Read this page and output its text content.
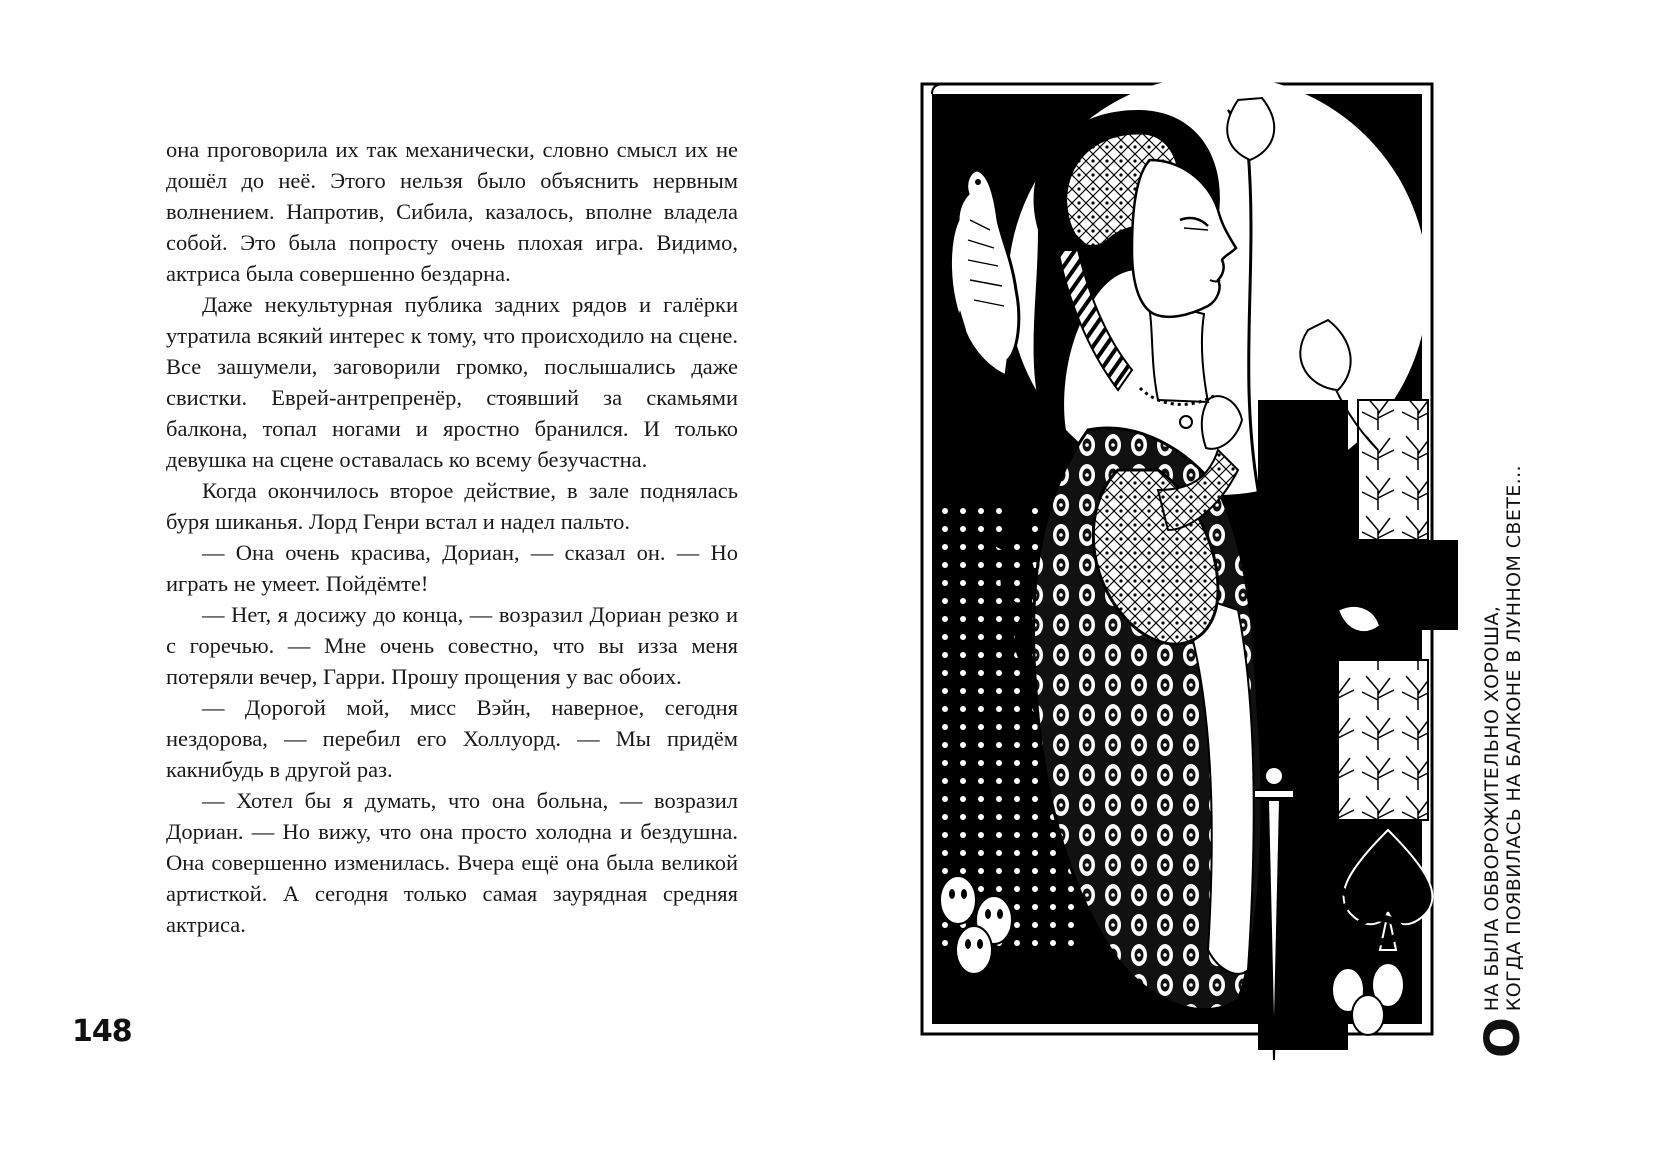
она проговорила их так механически, словно смысл их не дошёл до неё. Этого нельзя было объяснить нервным волнением. Напротив, Сибила, казалось, вполне владела собой. Это была попросту очень плохая игра. Видимо, актриса была совершенно бездарна.

Даже некультурная публика задних рядов и галёрки утратила всякий интерес к тому, что происходило на сцене. Все зашумели, заговорили громко, послышались даже свистки. Еврей-антрепренёр, стоявший за скамьями балкона, топал ногами и яростно бранился. И только девушка на сцене оставалась ко всему безучастна.

Когда окончилось второе действие, в зале поднялась буря шиканья. Лорд Генри встал и надел пальто.

— Она очень красива, Дориан, — сказал он. — Но играть не умеет. Пойдёмте!

— Нет, я досижу до конца, — возразил Дориан резко и с горечью. — Мне очень совестно, что вы изза меня потеряли вечер, Гарри. Прошу прощения у вас обоих.

— Дорогой мой, мисс Вэйн, наверное, сегодня нездорова, — перебил его Холлуорд. — Мы придём какнибудь в другой раз.

— Хотел бы я думать, что она больна, — возразил Дориан. — Но вижу, что она просто холодна и бездушна. Она совершенно изменилась. Вчера ещё она была великой артисткой. А сегодня только самая заурядная средняя актриса.

148	О
НА БЫЛА ОБВОРОЖИТЕЛЬНО ХОРОША, КОГДА ПОЯВИЛАСЬ НА БАЛКОНЕ В ЛУННОМ СВЕТЕ...
